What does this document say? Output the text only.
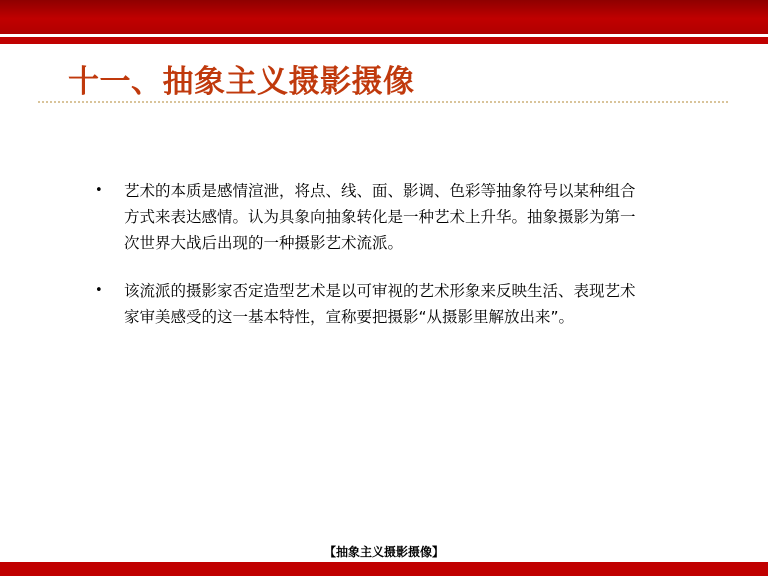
十一、抽象主义摄影摄像
• 艺术的本质是感情渲泄，将点、线、面、影调、色彩等抽象符号以某种组合方式来表达感情。认为具象向抽象转化是一种艺术上升华。抽象摄影为第一次世界大战后出现的一种摄影艺术流派。
• 该流派的摄影家否定造型艺术是以可审视的艺术形象来反映生活、表现艺术家审美感受的这一基本特性，宣称要把摄影“从摄影里解放出来”。
【抽象主义摄影摄像】
